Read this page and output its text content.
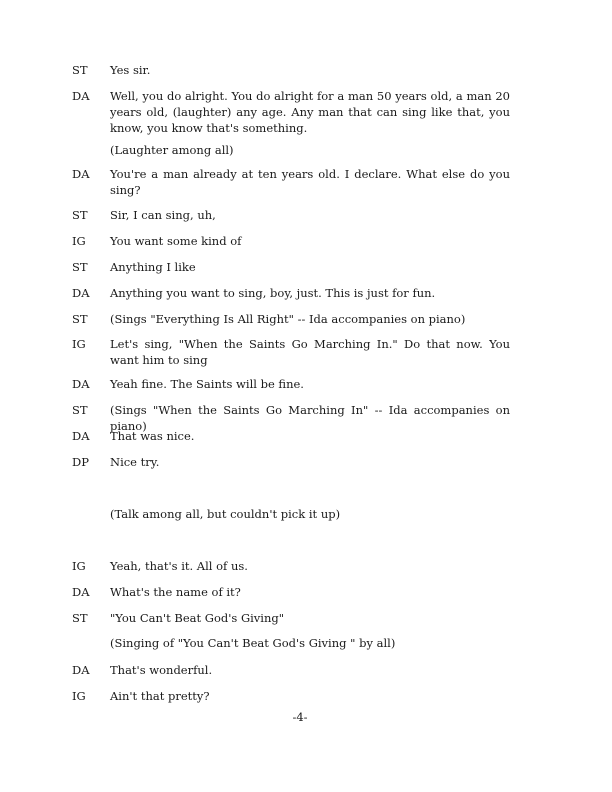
ST	Yes sir.
DA	Well, you do alright. You do alright for a man 50 years old, a man 20 years old, (laughter) any age. Any man that can sing like that, you know, you know that's something.
(Laughter among all)
DA	You're a man already at ten years old. I declare. What else do you sing?
ST	Sir, I can sing, uh,
IG	You want some kind of
ST	Anything I like
DA	Anything you want to sing, boy, just. This is just for fun.
ST	(Sings "Everything Is All Right" -- Ida accompanies on piano)
IG	Let's sing, "When the Saints Go Marching In." Do that now. You want him to sing
DA	Yeah fine. The Saints will be fine.
ST	(Sings "When the Saints Go Marching In" -- Ida accompanies on piano)
DA	That was nice.
DP	Nice try.
(Talk among all, but couldn't pick it up)
IG	Yeah, that's it. All of us.
DA	What's the name of it?
ST	"You Can't Beat God's Giving"
(Singing of "You Can't Beat God's Giving " by all)
DA	That's wonderful.
IG	Ain't that pretty?
-4-
